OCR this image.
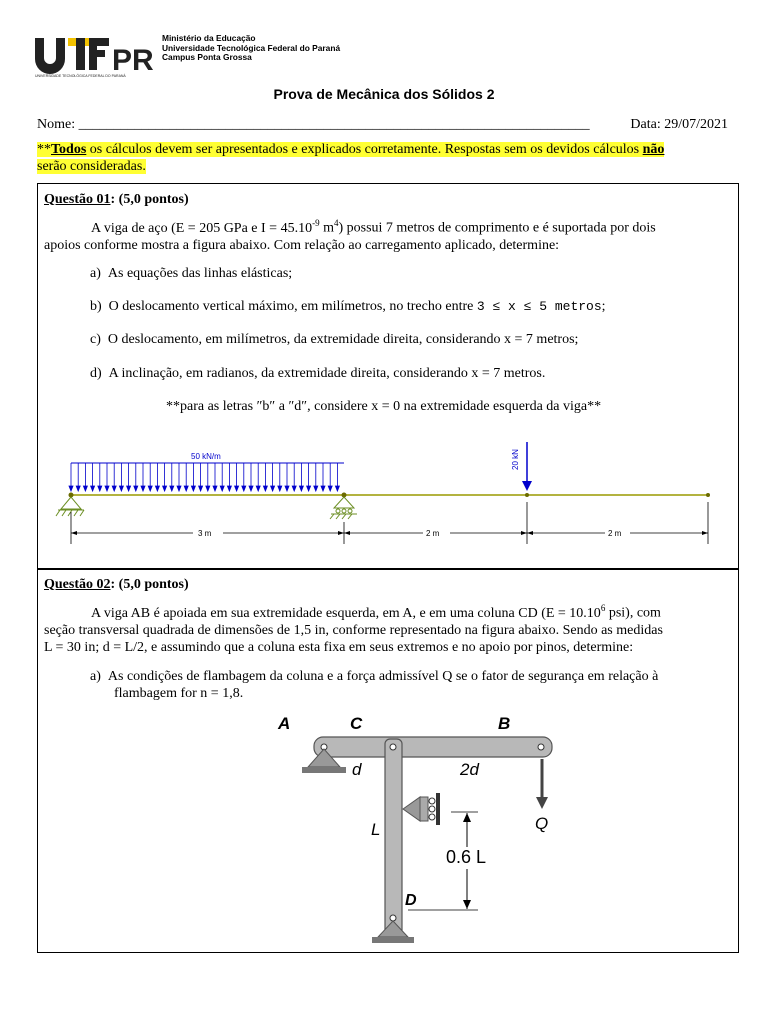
PR
UNIVERSIDADE TECNOLÓGICA FEDERAL DO PARANÁ
Ministério da Educação
Universidade Tecnológica Federal do Paraná
Campus Ponta Grossa
Prova de Mecânica dos Sólidos 2
Nome: _________________________________________________________________________	Data: 29/07/2021
**Todos os cálculos devem ser apresentados e explicados corretamente. Respostas sem os devidos cálculos não
serão consideradas.
Questão 01: (5,0 pontos)
A viga de aço (E = 205 GPa e $I = 45.10^{-9}$ $m^4$) possui 7 metros de comprimento e é suportada por dois
apoios conforme mostra a figura abaixo. Com relação ao carregamento aplicado, determine:
a) As equações das linhas elásticas;
b) O deslocamento vertical máximo, em milímetros, no trecho entre 3 ≤ x ≤ 5 metros;
c) O deslocamento, em milímetros, da extremidade direita, considerando x = 7 metros;
d) A inclinação, em radianos, da extremidade direita, considerando x = 7 metros.
**para as letras ″b″ a ″d″, considere x = 0 na extremidade esquerda da viga**
50 kN/m	20 kN
3 m	2 m	2 m
Questão 02: (5,0 pontos)
A viga AB é apoiada em sua extremidade esquerda, em A, e em uma coluna CD ($E = 10.10^6$ psi), com
seção transversal quadrada de dimensões de 1,5 in, conforme representado na figura abaixo. Sendo as medidas
L = 30 in; d = L/2, e assumindo que a coluna esta fixa em seus extremos e no apoio por pinos, determine:
a) As condições de flambagem da coluna e a força admissível Q se o fator de segurança em relação à
flambagem for n = 1,8.
A	C	B
d	2d
L
D
Q
0.6 L
